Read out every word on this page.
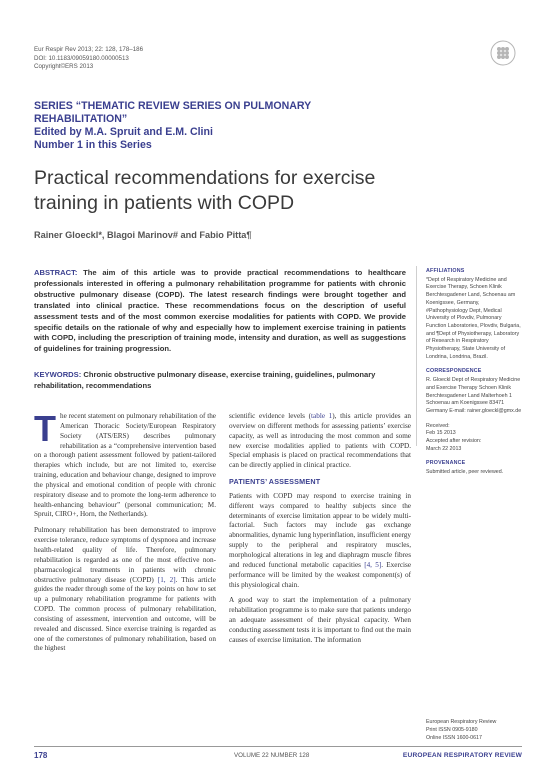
Eur Respir Rev 2013; 22: 128, 178–186
DOI: 10.1183/09059180.00000513
Copyright©ERS 2013
SERIES “THEMATIC REVIEW SERIES ON PULMONARY
REHABILITATION”
Edited by M.A. Spruit and E.M. Clini
Number 1 in this Series
Practical recommendations for exercise
training in patients with COPD
Rainer Gloeckl*, Blagoi Marinov# and Fabio Pitta¶
ABSTRACT: The aim of this article was to provide practical recommendations to healthcare professionals interested in offering a pulmonary rehabilitation programme for patients with chronic obstructive pulmonary disease (COPD). The latest research findings were brought together and translated into clinical practice. These recommendations focus on the description of useful assessment tests and of the most common exercise modalities for patients with COPD. We provide specific details on the rationale of why and especially how to implement exercise training in patients with COPD, including the prescription of training mode, intensity and duration, as well as suggestions of guidelines for training progression.
KEYWORDS: Chronic obstructive pulmonary disease, exercise training, guidelines, pulmonary rehabilitation, recommendations

The recent statement on pulmonary rehabilitation of the American Thoracic Society/European Respiratory Society (ATS/ERS) describes pulmonary rehabilitation as a “comprehensive intervention based on a thorough patient assessment followed by patient-tailored therapies which include, but are not limited to, exercise training, education and behaviour change, designed to improve the physical and emotional condition of people with chronic respiratory disease and to promote the long-term adherence to health-enhancing behaviour” (personal communication; M. Spruit, CIRO+, Horn, the Netherlands).

Pulmonary rehabilitation has been demonstrated to improve exercise tolerance, reduce symptoms of dyspnoea and increase health-related quality of life. Therefore, pulmonary rehabilitation is regarded as one of the most effective non-pharmacological treatments in patients with chronic obstructive pulmonary disease (COPD) [1, 2]. This article guides the reader through some of the key points on how to set up a pulmonary rehabilitation programme for patients with COPD. The common process of pulmonary rehabilitation, consisting of assessment, intervention and outcome, will be revealed and discussed. Since exercise training is regarded as one of the cornerstones of pulmonary rehabilitation, based on the highest

scientific evidence levels (table 1), this article provides an overview on different methods for assessing patients’ exercise capacity, as well as introducing the most common and some new exercise modalities applied to patients with COPD. Special emphasis is placed on practical recommendations that can be directly applied in clinical practice.

PATIENTS’ ASSESSMENT

Patients with COPD may respond to exercise training in different ways compared to healthy subjects since the determinants of exercise limitation appear to be widely multi-factorial. Such factors may include gas exchange abnormalities, dynamic lung hyperinflation, insufficient energy supply to the peripheral and respiratory muscles, morphological alterations in leg and diaphragm muscle fibres and reduced functional metabolic capacities [4, 5]. Exercise performance will be limited by the weakest component(s) of this physiological chain.

A good way to start the implementation of a pulmonary rehabilitation programme is to make sure that patients undergo an adequate assessment of their physical capacity. When conducting assessment tests it is important to find out the main causes of exercise limitation. The information

AFFILIATIONS
*Dept of Respiratory Medicine and Exercise Therapy, Schoen Klinik Berchtesgadener Land, Schoenau am Koenigssee, Germany, #Pathophysiology Dept, Medical University of Plovdiv, Pulmonary Function Laboratories, Plovdiv, Bulgaria, and ¶Dept of Physiotherapy, Laboratory of Research in Respiratory Physiotherapy, State University of Londrina, Londrina, Brazil.
CORRESPONDENCE
R. Gloeckl Dept of Respiratory Medicine and Exercise Therapy Schoen Klinik Berchtesgadener Land Malterhoeh 1 Schoenau am Koenigssee 83471 Germany E-mail: rainer.gloeckl@gmx.de
Received:
Feb 15 2013
Accepted after revision:
March 22 2013
PROVENANCE
Submitted article, peer reviewed.
European Respiratory Review
Print ISSN 0905-9180
Online ISSN 1600-0617
178	VOLUME 22 NUMBER 128	EUROPEAN RESPIRATORY REVIEW
